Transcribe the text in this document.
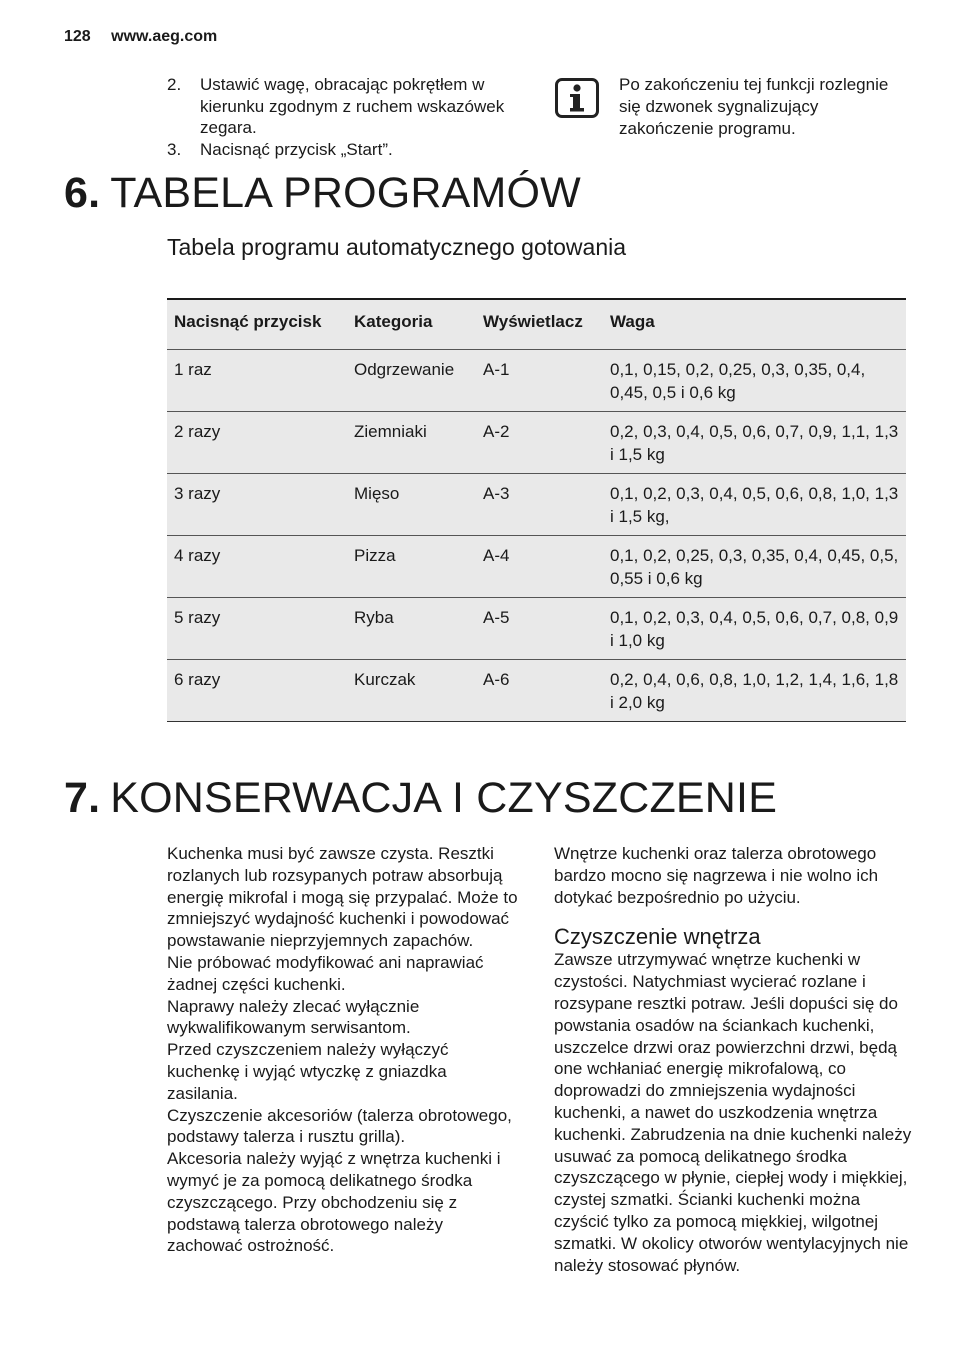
128 www.aeg.com
2.	Ustawić wagę, obracając pokrętłem w kierunku zgodnym z ruchem wskazówek zegara.
3.	Nacisnąć przycisk „Start”.
Po zakończeniu tej funkcji rozlegnie się dzwonek sygnalizujący zakończenie programu.
6. TABELA PROGRAMÓW
Tabela programu automatycznego gotowania
Nacisnąć przycisk	Kategoria	Wyświetlacz	Waga
1 raz	Odgrzewanie	A-1	0,1, 0,15, 0,2, 0,25, 0,3, 0,35, 0,4, 0,45, 0,5 i 0,6 kg
2 razy	Ziemniaki	A-2	0,2, 0,3, 0,4, 0,5, 0,6, 0,7, 0,9, 1,1, 1,3 i 1,5 kg
3 razy	Mięso	A-3	0,1, 0,2, 0,3, 0,4, 0,5, 0,6, 0,8, 1,0, 1,3 i 1,5 kg,
4 razy	Pizza	A-4	0,1, 0,2, 0,25, 0,3, 0,35, 0,4, 0,45, 0,5, 0,55 i 0,6 kg
5 razy	Ryba	A-5	0,1, 0,2, 0,3, 0,4, 0,5, 0,6, 0,7, 0,8, 0,9 i 1,0 kg
6 razy	Kurczak	A-6	0,2, 0,4, 0,6, 0,8, 1,0, 1,2, 1,4, 1,6, 1,8 i 2,0 kg
7. KONSERWACJA I CZYSZCZENIE

Kuchenka musi być zawsze czysta. Resztki rozlanych lub rozsypanych potraw absorbują energię mikrofal i mogą się przypalać. Może to zmniejszyć wydajność kuchenki i powodować powstawanie nieprzyjemnych zapachów.

Nie próbować modyfikować ani naprawiać żadnej części kuchenki.

Naprawy należy zlecać wyłącznie wykwalifikowanym serwisantom.

Przed czyszczeniem należy wyłączyć kuchenkę i wyjąć wtyczkę z gniazdka zasilania.

Czyszczenie akcesoriów (talerza obrotowego, podstawy talerza i rusztu grilla).

Akcesoria należy wyjąć z wnętrza kuchenki i wymyć je za pomocą delikatnego środka czyszczącego. Przy obchodzeniu się z podstawą talerza obrotowego należy zachować ostrożność.

Wnętrze kuchenki oraz talerza obrotowego bardzo mocno się nagrzewa i nie wolno ich dotykać bezpośrednio po użyciu.

Czyszczenie wnętrza

Zawsze utrzymywać wnętrze kuchenki w czystości. Natychmiast wycierać rozlane i rozsypane resztki potraw. Jeśli dopuści się do powstania osadów na ściankach kuchenki, uszczelce drzwi oraz powierzchni drzwi, będą one wchłaniać energię mikrofalową, co doprowadzi do zmniejszenia wydajności kuchenki, a nawet do uszkodzenia wnętrza kuchenki. Zabrudzenia na dnie kuchenki należy usuwać za pomocą delikatnego środka czyszczącego w płynie, ciepłej wody i miękkiej, czystej szmatki. Ścianki kuchenki można czyścić tylko za pomocą miękkiej, wilgotnej szmatki. W okolicy otworów wentylacyjnych nie należy stosować płynów.
